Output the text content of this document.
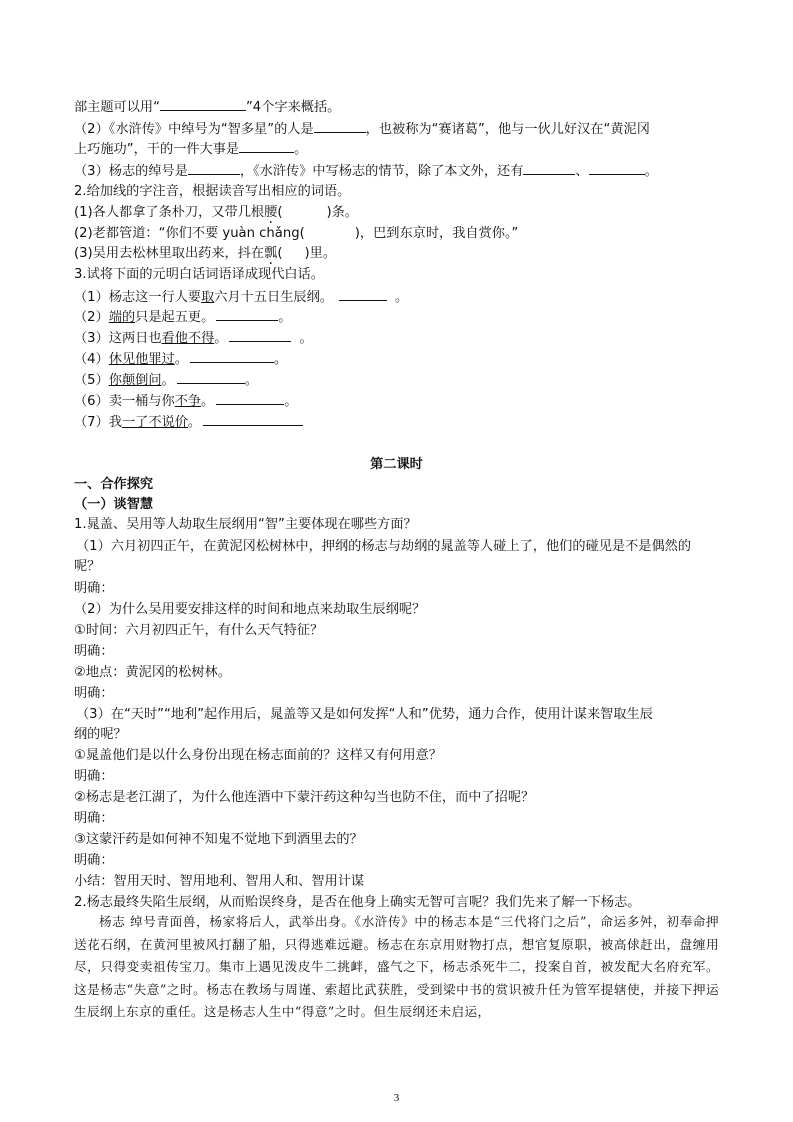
部主题可以用“	”4个字来概括。
（2）《水浒传》中绰号为“智多星”的人是	，也被称为“赛诸葛”，他与一伙儿好汉在“黄泥冈
上巧施功”，干的一件大事是	。
（3）杨志的绰号是	，《水浒传》中写杨志的情节，除了本文外，还有	、	。
2.给加线的字注音，根据读音写出相应的词语。
(1)各人都拿了条朴刀，又带几根腰(	)条。
(2)老都管道：“你们不要 yuàn chǎng(	)，巴到东京时，我自赏你。”
(3)吴用去松林里取出药来，抖在瓢( )里。
3.试将下面的元明白话词语译成现代白话。
（1）杨志这一行人要取六月十五日生辰纲。	。
（2）端的只是起五更。	。
（3）这两日也看他不得。	。
（4）休见他罪过。	。
（5）你颠倒问。	。
（6）卖一桶与你不争。	。
（7）我一了不说价。
第二课时
一、合作探究
（一）谈智慧
1.晁盖、吴用等人劫取生辰纲用“智”主要体现在哪些方面？
（1）六月初四正午，在黄泥冈松树林中，押纲的杨志与劫纲的晁盖等人碰上了，他们的碰见是不是偶然的
呢？
明确：
（2）为什么吴用要安排这样的时间和地点来劫取生辰纲呢？
①时间：六月初四正午，有什么天气特征？
明确：
②地点：黄泥冈的松树林。
明确：
（3）在“天时”“地利”起作用后，晁盖等又是如何发挥“人和”优势，通力合作，使用计谋来智取生辰
纲的呢？
①晁盖他们是以什么身份出现在杨志面前的？这样又有何用意？
明确：
②杨志是老江湖了，为什么他连酒中下蒙汗药这种勾当也防不住，而中了招呢？
明确：
③这蒙汗药是如何神不知鬼不觉地下到酒里去的？
明确：
小结：智用天时、智用地利、智用人和、智用计谋
2.杨志最终失陷生辰纲，从而贻误终身，是否在他身上确实无智可言呢？我们先来了解一下杨志。

杨志 绰号青面兽，杨家将后人，武举出身。《水浒传》中的杨志本是“三代将门之后”，命运多舛，初奉命押送花石纲，在黄河里被风打翻了船，只得逃难远避。杨志在东京用财物打点，想官复原职，被高俅赶出，盘缠用尽，只得变卖祖传宝刀。集市上遇见泼皮牛二挑衅，盛气之下，杨志杀死牛二，投案自首，被发配大名府充军。这是杨志“失意”之时。杨志在教场与周谨、索超比武获胜，受到梁中书的赏识被升任为管军提辖使，并接下押运生辰纲上东京的重任。这是杨志人生中“得意”之时。但生辰纲还未启运，

3
